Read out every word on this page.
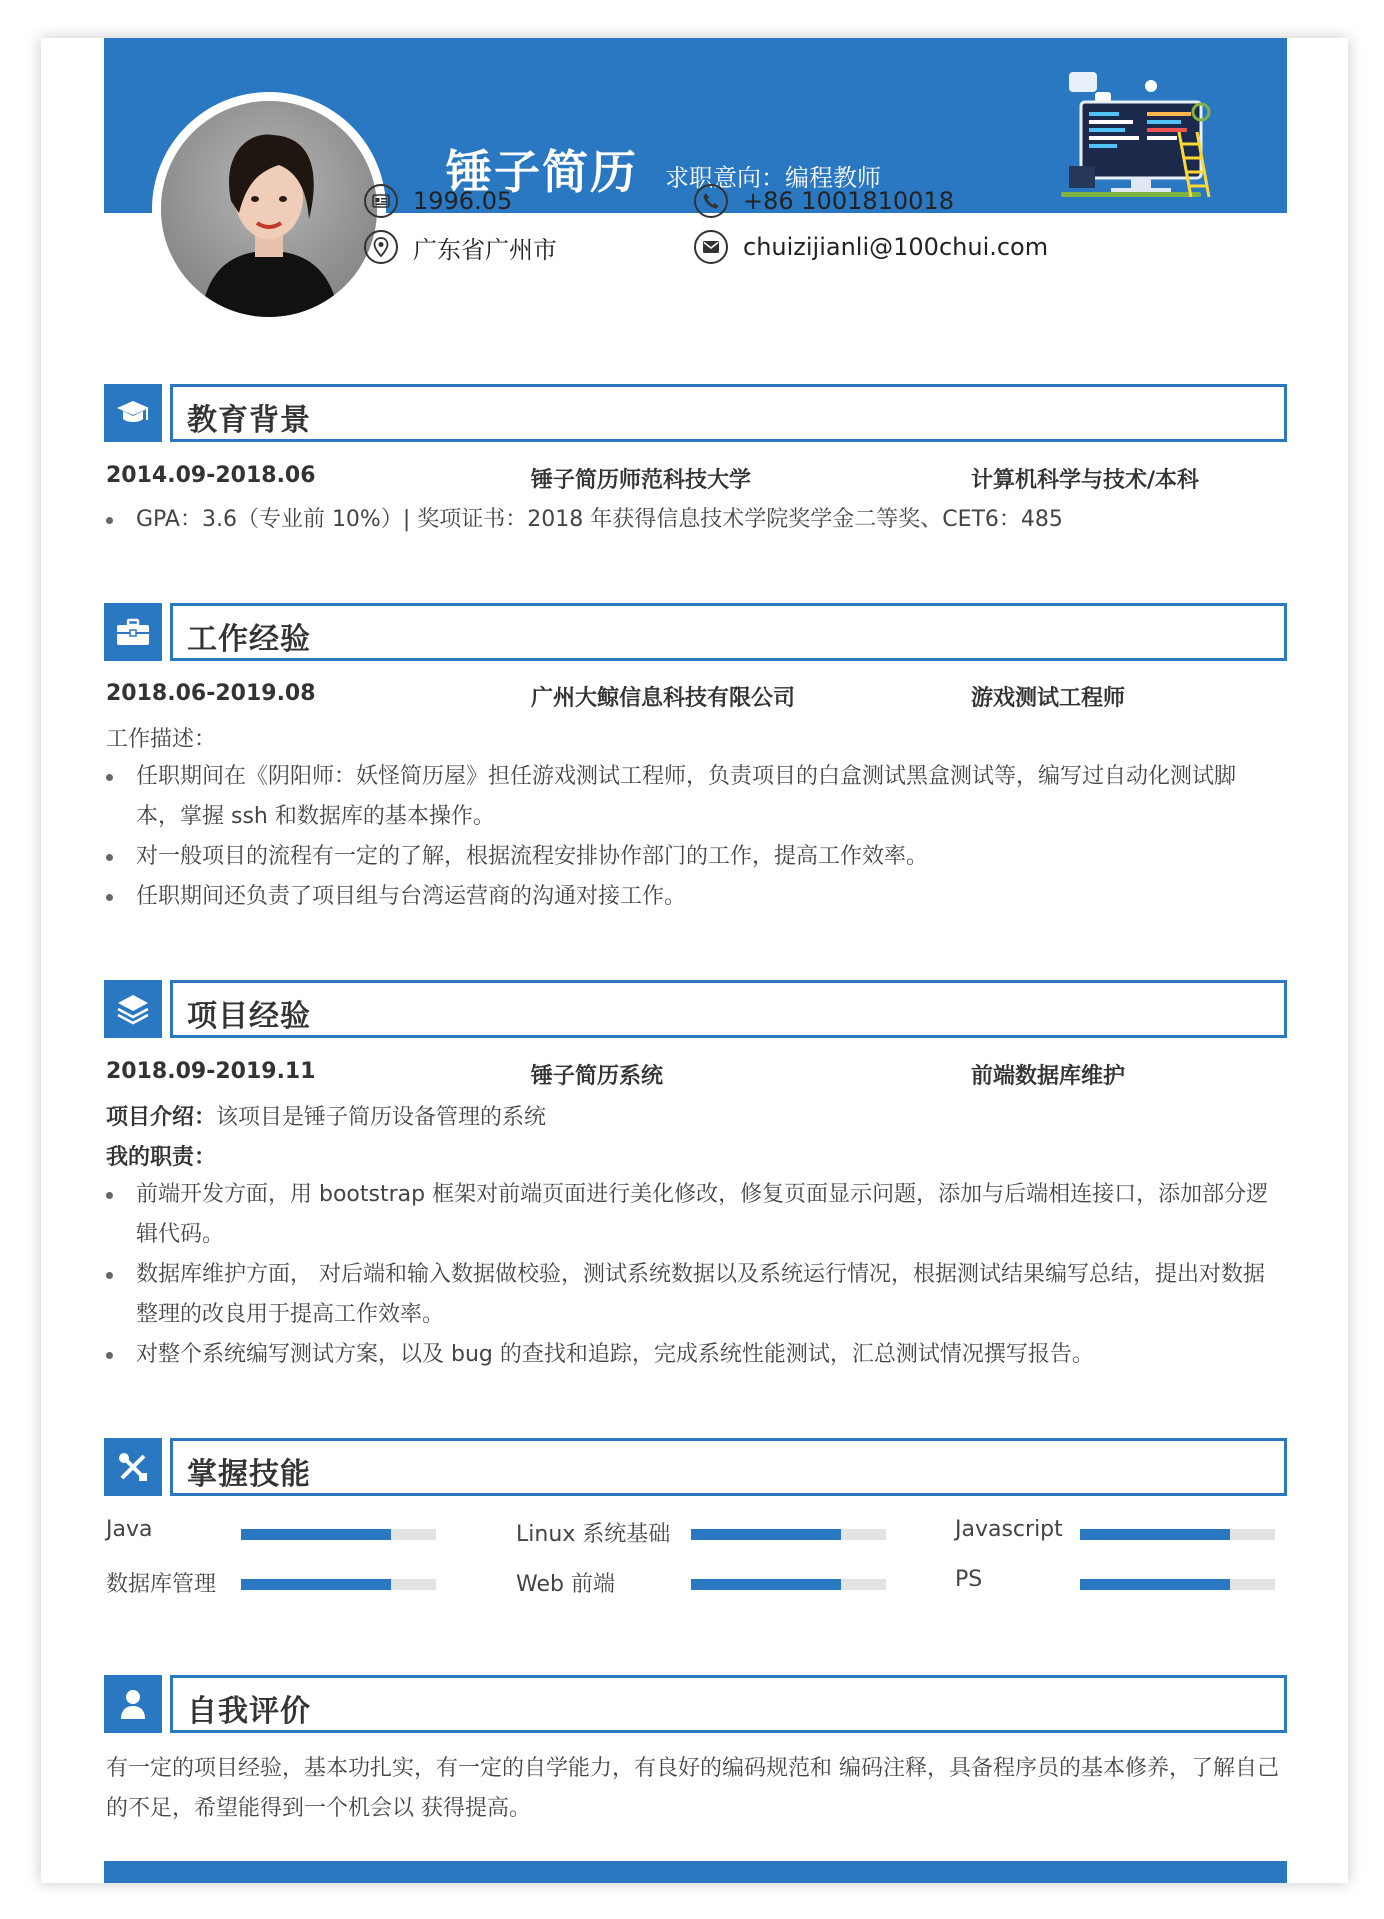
锤子简历 求职意向：编程教师
1996.05
广东省广州市
+86 1001810018
chuizijianli@100chui.com
教育背景
2014.09-2018.06	锤子简历师范科技大学	计算机科学与技术/本科
GPA：3.6（专业前 10%）| 奖项证书：2018 年获得信息技术学院奖学金二等奖、CET6：485
工作经验
2018.06-2019.08	广州大鲸信息科技有限公司	游戏测试工程师
工作描述：
任职期间在《阴阳师：妖怪简历屋》担任游戏测试工程师，负责项目的白盒测试黑盒测试等，编写过自动化测试脚本，掌握 ssh 和数据库的基本操作。
对一般项目的流程有一定的了解，根据流程安排协作部门的工作，提高工作效率。
任职期间还负责了项目组与台湾运营商的沟通对接工作。
项目经验
2018.09-2019.11	锤子简历系统	前端数据库维护
项目介绍：该项目是锤子简历设备管理的系统
我的职责：
前端开发方面，用 bootstrap 框架对前端页面进行美化修改，修复页面显示问题，添加与后端相连接口，添加部分逻辑代码。
数据库维护方面， 对后端和输入数据做校验，测试系统数据以及系统运行情况，根据测试结果编写总结，提出对数据整理的改良用于提高工作效率。
对整个系统编写测试方案，以及 bug 的查找和追踪，完成系统性能测试，汇总测试情况撰写报告。
掌握技能
Java	Linux 系统基础	Javascript
数据库管理	Web 前端	PS
自我评价
有一定的项目经验，基本功扎实，有一定的自学能力，有良好的编码规范和 编码注释，具备程序员的基本修养，了解自己的不足，希望能得到一个机会以 获得提高。
